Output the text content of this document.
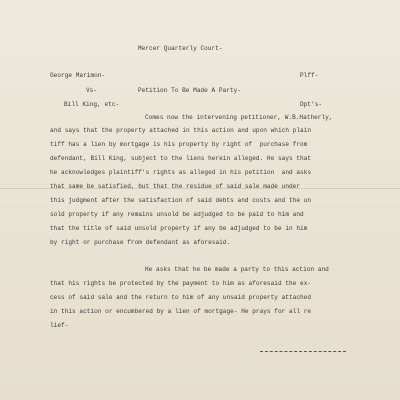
Mercer Quarterly Court-
George Marimon-	Plff-
Vs-	Petition To Be Made A Party-
Bill King, etc-	Dpt's-
Comes now the intervening petitioner, W.B.Hatherly,
and says that the property attached in this action and upon which plain
tiff has a lien by mortgage is his property by right of  purchase from
defendant, Bill King, subject to the liens herein alleged. He says that
he acknowledges plaintiff's rights as alleged in his petition  and asks
that same be satisfied, but that the residue of said sale made under
this judgment after the satisfaction of said debts and costs and the un
sold property if any remains unsold be adjudged to be paid to him and
that the title of said unsold property if any be adjudged to be in him
by right or purchase from defendant as aforesaid.
He asks that he be made a party to this action and
that his rights be protected by the payment to him as aforesaid the ex-
cess of said sale and the return to him of any unsaid property attached
in this action or encumbered by a lien of mortgage- He prays for all re
lief-
